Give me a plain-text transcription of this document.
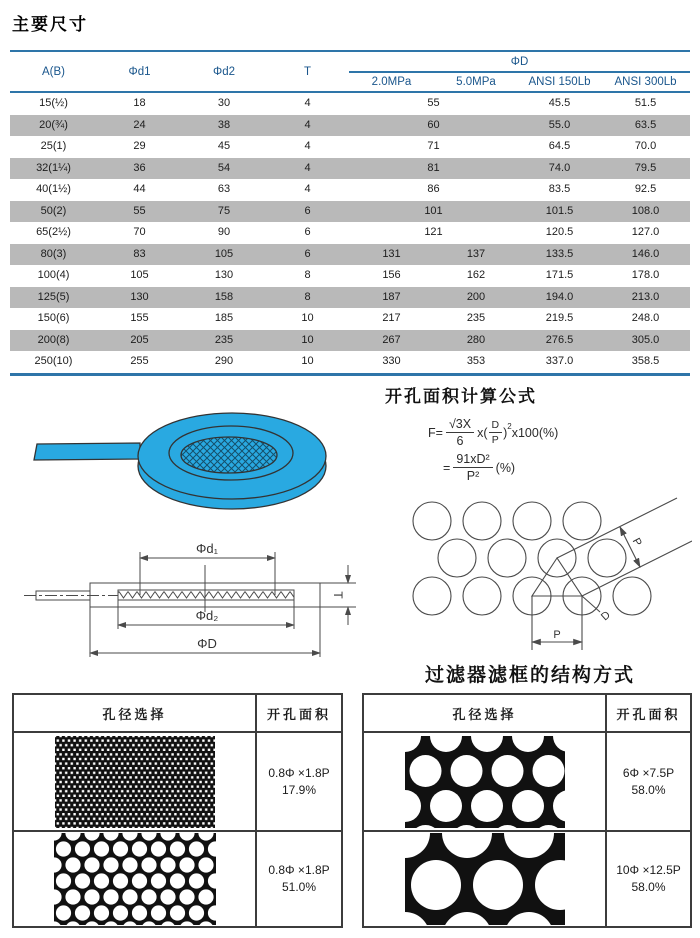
主要尺寸
A(B)	Φd1	Φd2	T	ΦD			
				2.0MPa	5.0MPa	ANSI 150Lb	ANSI 300Lb
15(½)	18	30	4	55		45.5	51.5
20(¾)	24	38	4	60		55.0	63.5
25(1)	29	45	4	71		64.5	70.0
32(1¼)	36	54	4	81		74.0	79.5
40(1½)	44	63	4	86		83.5	92.5
50(2)	55	75	6	101		101.5	108.0
65(2½)	70	90	6	121		120.5	127.0
80(3)	83	105	6	131	137	133.5	146.0
100(4)	105	130	8	156	162	171.5	178.0
125(5)	130	158	8	187	200	194.0	213.0
150(6)	155	185	10	217	235	219.5	248.0
200(8)	205	235	10	267	280	276.5	305.0
250(10)	255	290	10	330	353	337.0	358.5
开孔面积计算公式
$F= \frac{√3X}{6} x( \frac{D}{P}$ ) 2 x100(%)
= $\frac{\text{91xD²}}{\text{P²}}$ (%)
Φd₁
Φd₂
ΦD
T
P
P
D
过滤器滤框的结构方式
孔径选择	开孔面积
0.8Φ ×1.8P
17.9%
0.8Φ ×1.8P
51.0%
孔径选择	开孔面积
6Φ ×7.5P
58.0%
10Φ ×12.5P
58.0%
